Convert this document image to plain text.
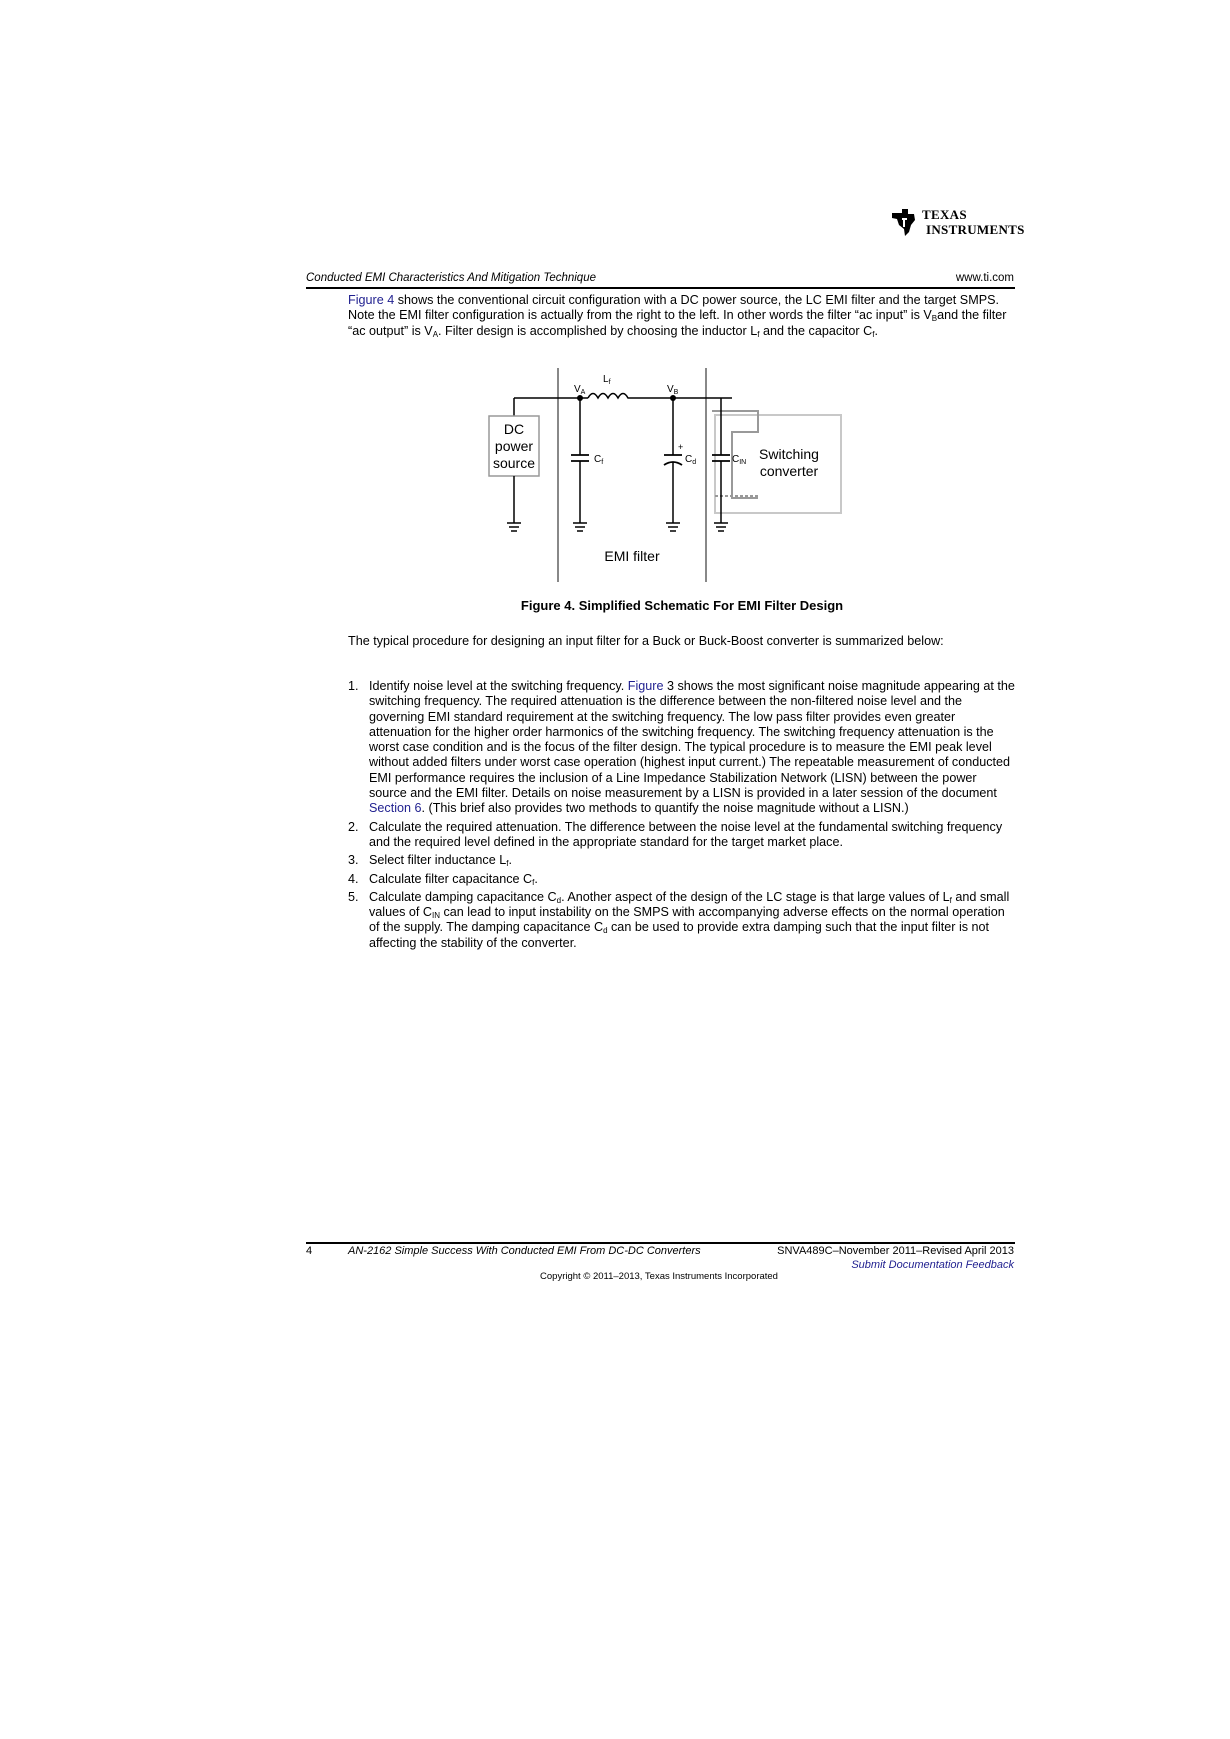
TEXAS
INSTRUMENTS
Conducted EMI Characteristics And Mitigation Technique	www.ti.com
Figure 4 shows the conventional circuit configuration with a DC power source, the LC EMI filter and the target SMPS. Note the EMI filter configuration is actually from the right to the left. In other words the filter “ac input” is $V_Band$ the filter “ac output” is $V_A$. Filter design is accomplished by choosing the inductor $L_f$ and the capacitor $C_f$.
DC
power
source
$V_A$
$L_f$
$V_B$
$C_f$
+
$C_d$	$C_{IN}$
Switching
converter
EMI filter
Figure 4. Simplified Schematic For EMI Filter Design
The typical procedure for designing an input filter for a Buck or Buck-Boost converter is summarized below:
1. Identify noise level at the switching frequency. Figure 3 shows the most significant noise magnitude appearing at the switching frequency. The required attenuation is the difference between the non-filtered noise level and the governing EMI standard requirement at the switching frequency. The low pass filter provides even greater attenuation for the higher order harmonics of the switching frequency. The switching frequency attenuation is the worst case condition and is the focus of the filter design. The typical procedure is to measure the EMI peak level without added filters under worst case operation (highest input current.) The repeatable measurement of conducted EMI performance requires the inclusion of a Line Impedance Stabilization Network (LISN) between the power source and the EMI filter. Details on noise measurement by a LISN is provided in a later session of the document Section 6. (This brief also provides two methods to quantify the noise magnitude without a LISN.)
2. Calculate the required attenuation. The difference between the noise level at the fundamental switching frequency and the required level defined in the appropriate standard for the target market place.
3. Select filter inductance $L_f$.
4. Calculate filter capacitance $C_f$.
5. Calculate damping capacitance $C_d$. Another aspect of the design of the LC stage is that large values of $L_f$ and small values of $C_{IN}$ can lead to input instability on the SMPS with accompanying adverse effects on the normal operation of the supply. The damping capacitance $C_d$ can be used to provide extra damping such that the input filter is not affecting the stability of the converter.
4	AN-2162 Simple Success With Conducted EMI From DC-DC Converters	SNVA489C–November 2011–Revised April 2013
Submit Documentation Feedback
Copyright © 2011–2013, Texas Instruments Incorporated
